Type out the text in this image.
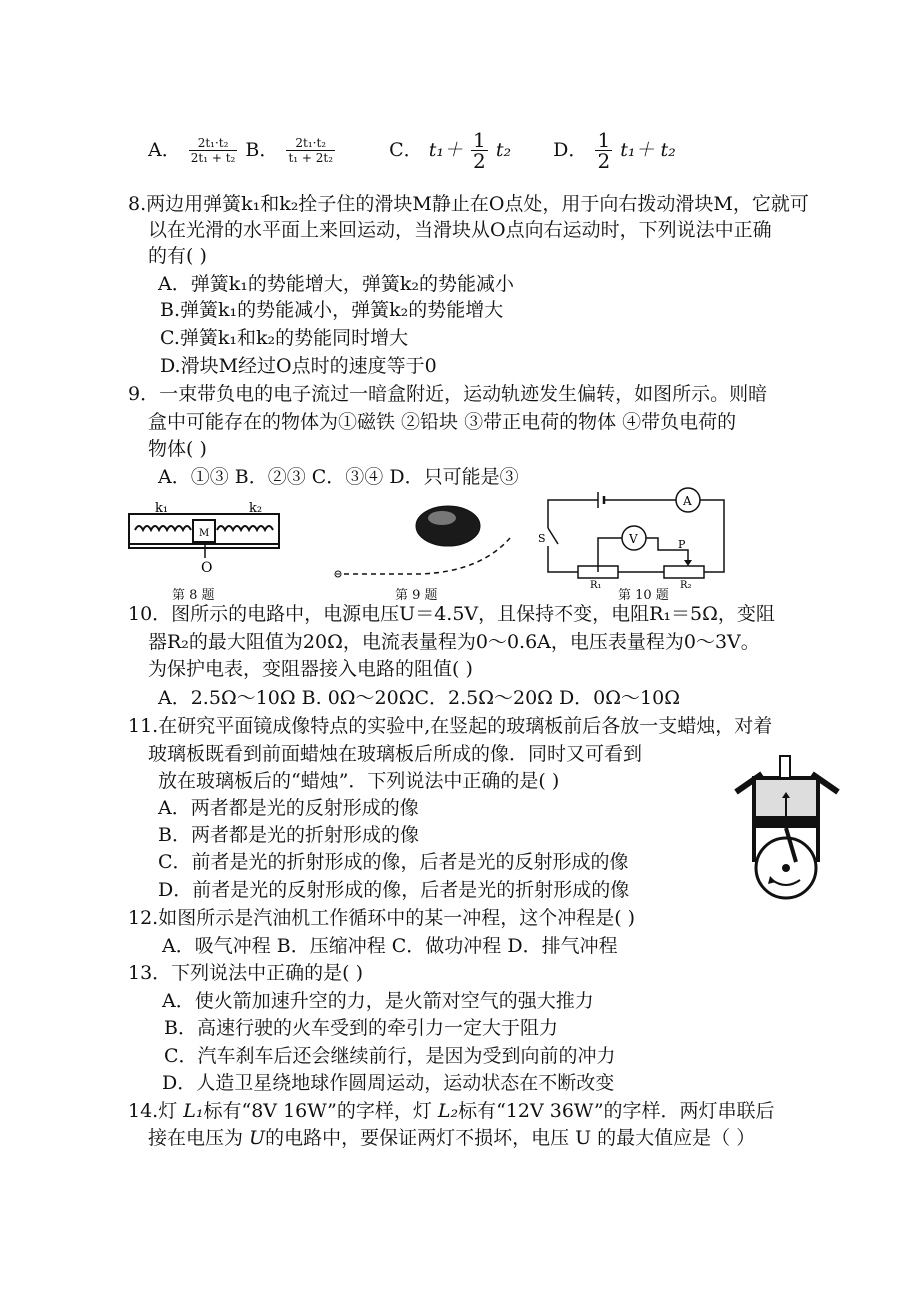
A． $\frac{\text{2t₁·t₂}}{\text{2t₁ + t₂}}$ B． $\frac{\text{2t₁·t₂}}{\text{t₁ + 2t₂}}$	C． $t_1+ \frac{1}{2} t_2$ D． $\frac{1}{2} t_1+ t_2$
8.两边用弹簧k₁和k₂拴子住的滑块M静止在O点处，用于向右拨动滑块M，它就可
以在光滑的水平面上来回运动，当滑块从O点向右运动时，下列说法中正确
的有( )
A．弹簧k₁的势能增大，弹簧k₂的势能减小
B.弹簧k₁的势能减小，弹簧k₂的势能增大
C.弹簧k₁和k₂的势能同时增大
D.滑块M经过O点时的速度等于0
9．一束带负电的电子流过一暗盒附近，运动轨迹发生偏转，如图所示。则暗
盒中可能存在的物体为①磁铁 ②铅块 ③带正电荷的物体 ④带负电荷的
物体( )
A．①③ B．②③ C．③④ D．只可能是③
k₁	k₂
M
O
第 8 题	第 9 题
A
S
R₁	R₂
V	P
第 10 题
10．图所示的电路中，电源电压U＝4.5V，且保持不变，电阻R₁＝5Ω，变阻
器R₂的最大阻值为20Ω，电流表量程为0～0.6A，电压表量程为0～3V。
为保护电表，变阻器接入电路的阻值( )
A．2.5Ω～10Ω B. 0Ω～20ΩC．2.5Ω～20Ω D．0Ω～10Ω
11.在研究平面镜成像特点的实验中,在竖起的玻璃板前后各放一支蜡烛，对着
玻璃板既看到前面蜡烛在玻璃板后所成的像．同时又可看到
放在玻璃板后的“蜡烛”．下列说法中正确的是( )
A．两者都是光的反射形成的像
B．两者都是光的折射形成的像
C．前者是光的折射形成的像，后者是光的反射形成的像
D．前者是光的反射形成的像，后者是光的折射形成的像
12.如图所示是汽油机工作循环中的某一冲程，这个冲程是( )
A．吸气冲程 B．压缩冲程 C．做功冲程 D．排气冲程
13．下列说法中正确的是( )
A．使火箭加速升空的力，是火箭对空气的强大推力
B．高速行驶的火车受到的牵引力一定大于阻力
C．汽车刹车后还会继续前行，是因为受到向前的冲力
D．人造卫星绕地球作圆周运动，运动状态在不断改变
14.灯 L₁标有“8V 16W”的字样，灯 L₂标有“12V 36W”的字样．两灯串联后
接在电压为 U的电路中，要保证两灯不损坏，电压 U 的最大值应是（ ）
